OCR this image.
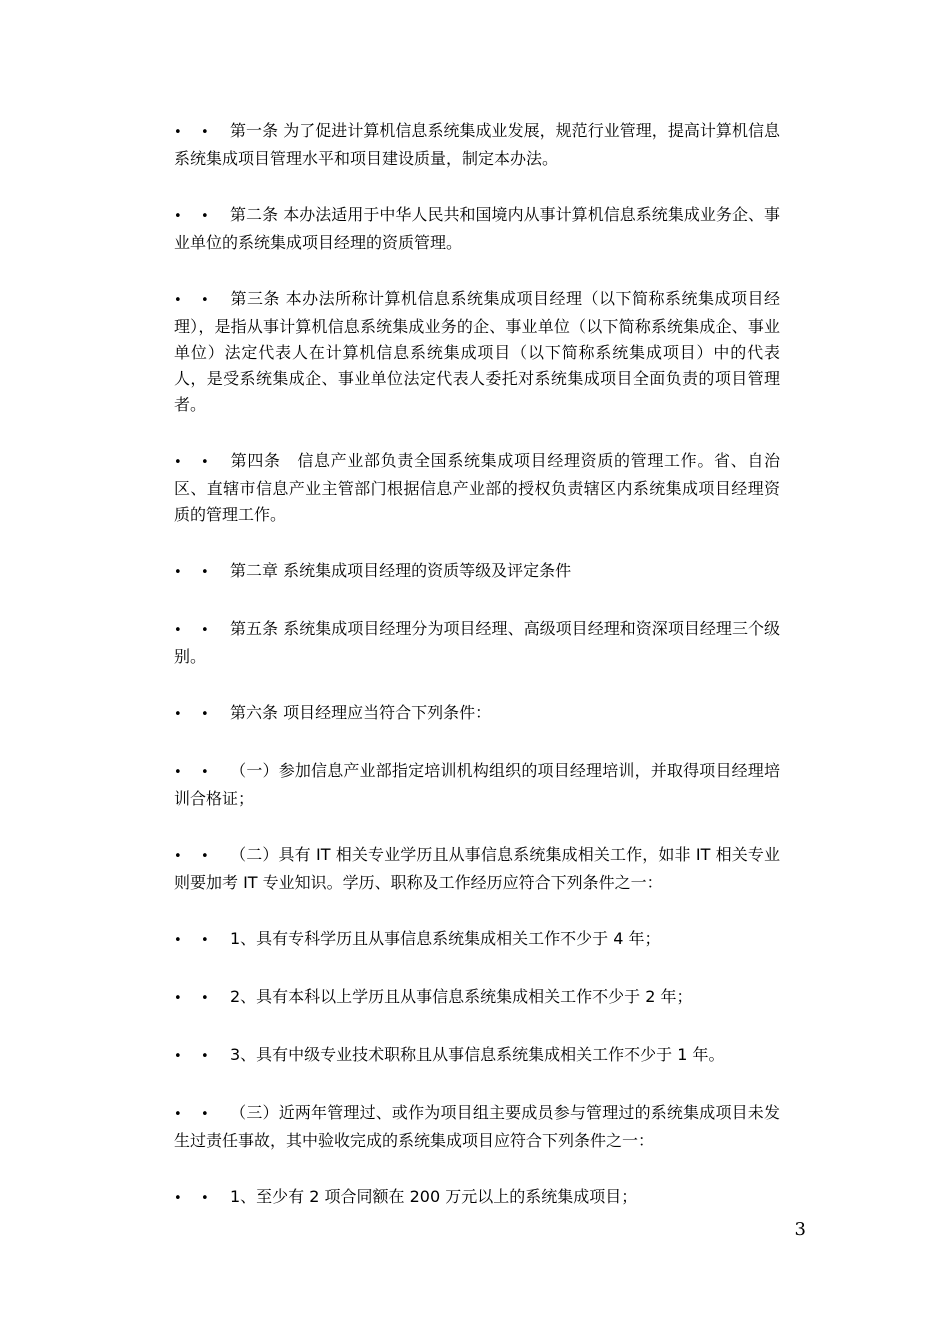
• • 第一条 为了促进计算机信息系统集成业发展，规范行业管理，提高计算机信息系统集成项目管理水平和项目建设质量，制定本办法。

• • 第二条 本办法适用于中华人民共和国境内从事计算机信息系统集成业务企、事业单位的系统集成项目经理的资质管理。

• • 第三条 本办法所称计算机信息系统集成项目经理（以下简称系统集成项目经理），是指从事计算机信息系统集成业务的企、事业单位（以下简称系统集成企、事业单位）法定代表人在计算机信息系统集成项目（以下简称系统集成项目）中的代表人，是受系统集成企、事业单位法定代表人委托对系统集成项目全面负责的项目管理者。

• • 第四条　信息产业部负责全国系统集成项目经理资质的管理工作。省、自治区、直辖市信息产业主管部门根据信息产业部的授权负责辖区内系统集成项目经理资质的管理工作。

• • 第二章 系统集成项目经理的资质等级及评定条件

• • 第五条 系统集成项目经理分为项目经理、高级项目经理和资深项目经理三个级别。

• • 第六条 项目经理应当符合下列条件：

• • （一）参加信息产业部指定培训机构组织的项目经理培训，并取得项目经理培训合格证；

• • （二）具有 IT 相关专业学历且从事信息系统集成相关工作，如非 IT 相关专业则要加考 IT 专业知识。学历、职称及工作经历应符合下列条件之一：

• • 1、具有专科学历且从事信息系统集成相关工作不少于 4 年；

• • 2、具有本科以上学历且从事信息系统集成相关工作不少于 2 年；

• • 3、具有中级专业技术职称且从事信息系统集成相关工作不少于 1 年。

• • （三）近两年管理过、或作为项目组主要成员参与管理过的系统集成项目未发生过责任事故，其中验收完成的系统集成项目应符合下列条件之一：

• • 1、至少有 2 项合同额在 200 万元以上的系统集成项目；

3
